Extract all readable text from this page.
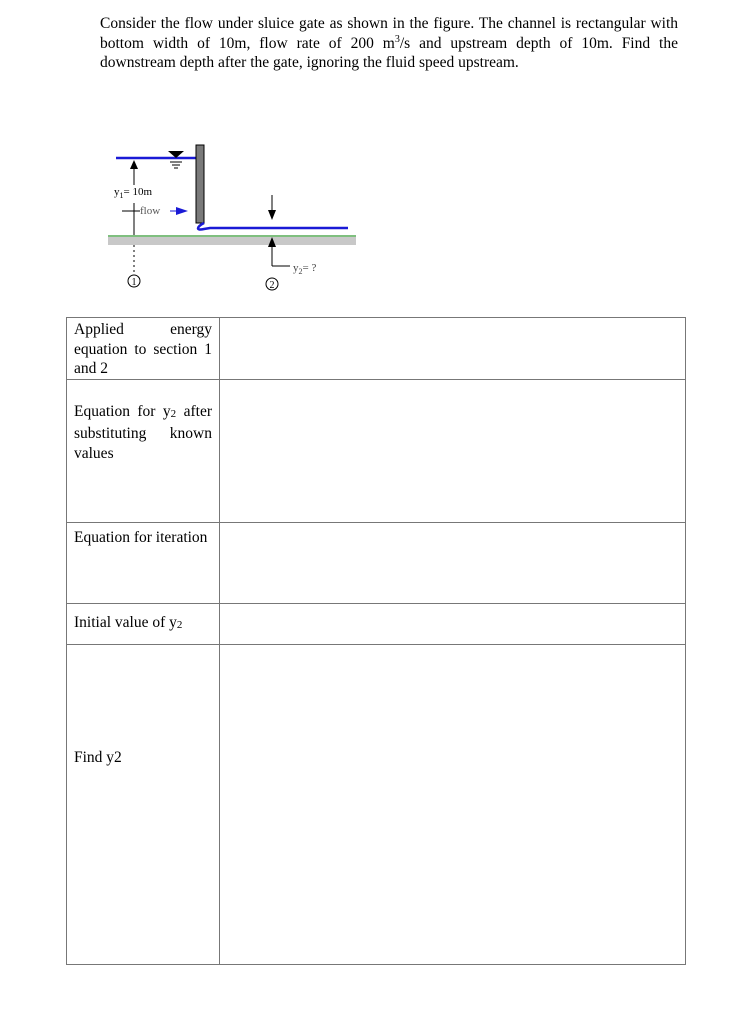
Consider the flow under sluice gate as shown in the figure. The channel is rectangular with bottom width of 10m, flow rate of 200 $m^3/s$ and upstream depth of 10m. Find the downstream depth after the gate, ignoring the fluid speed upstream.
1	2
$y_1= 10m$
flow
$y_2=$ ?
Applied energy equation to section 1 and 2	
Equation for $y_2$ after substituting known values	
Equation for iteration	
Initial value of $y_2$	
Find y2	
